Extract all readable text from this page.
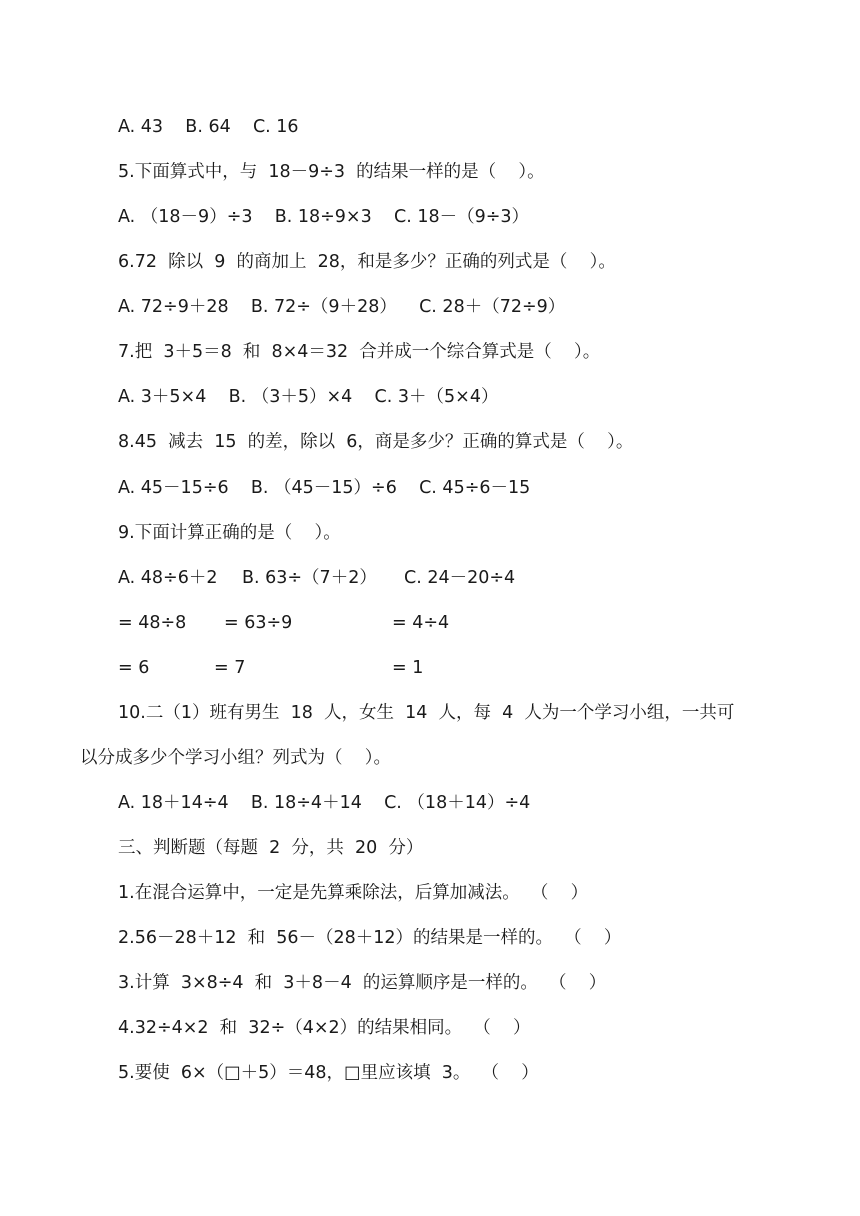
A. 43    B. 64    C. 16
5.下面算式中，与  18－9÷3  的结果一样的是（    ）。
A. （18－9）÷3    B. 18÷9×3    C. 18－（9÷3）
6.72  除以  9  的商加上  28，和是多少？正确的列式是（    ）。
A. 72÷9＋28    B. 72÷（9＋28）    C. 28＋（72÷9）
7.把  3＋5＝8  和  8×4＝32  合并成一个综合算式是（    ）。
A. 3＋5×4    B. （3＋5）×4    C. 3＋（5×4）
8.45  减去  15  的差，除以  6，商是多少？正确的算式是（    ）。
A. 45－15÷6    B. （45－15）÷6    C. 45÷6－15
9.下面计算正确的是（    ）。
A. 48÷6＋2 B. 63÷（7＋2） C. 24－20÷4
= 48÷8 = 63÷9	= 4÷4
= 6	= 7	= 1
10.二（1）班有男生  18  人，女生  14  人，每  4  人为一个学习小组，一共可
以分成多少个学习小组？列式为（    ）。
A. 18＋14÷4    B. 18÷4＋14    C. （18＋14）÷4
三、判断题（每题  2  分，共  20  分）
1.在混合运算中，一定是先算乘除法，后算加减法。  （    ）
2.56－28＋12  和  56－（28＋12）的结果是一样的。  （    ）
3.计算  3×8÷4  和  3＋8－4  的运算顺序是一样的。  （    ）
4.32÷4×2  和  32÷（4×2）的结果相同。  （    ）
5.要使  6×（□＋5）＝48，□里应该填  3。  （    ）
